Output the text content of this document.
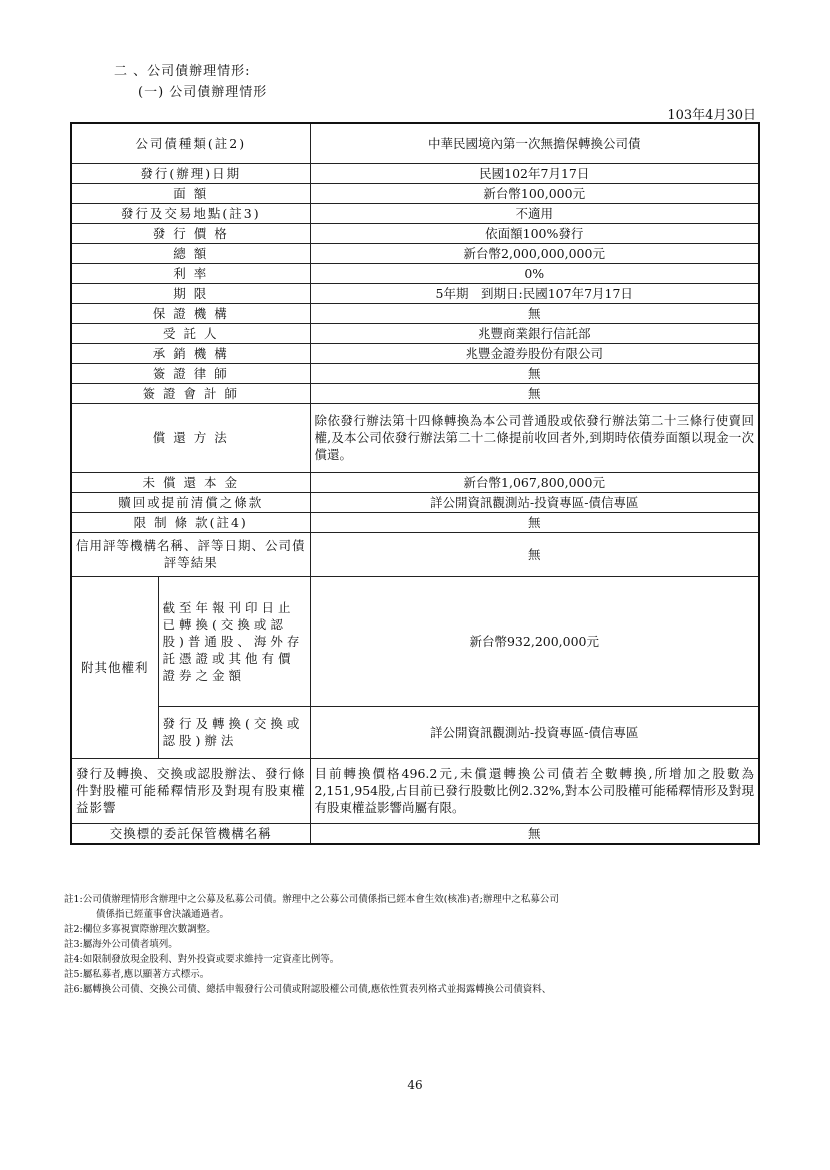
二 、公司債辦理情形:
(一) 公司債辦理情形
103年4月30日
公司債種類(註2)		中華民國境內第一次無擔保轉換公司債
發行(辦理)日期		民國102年7月17日
面 額		新台幣100,000元
發行及交易地點(註3)		不適用
發 行 價 格		依面額100%發行
總 額		新台幣2,000,000,000元
利 率		0%
期 限		5年期　到期日:民國107年7月17日
保 證 機 構		無
受 託 人		兆豐商業銀行信託部
承 銷 機 構		兆豐金證券股份有限公司
簽 證 律 師		無
簽 證 會 計 師		無
償 還 方 法		除依發行辦法第十四條轉換為本公司普通股或依發行辦法第二十三條行使賣回權,及本公司依發行辦法第二十二條提前收回者外,到期時依債券面額以現金一次償還。
未 償 還 本 金		新台幣1,067,800,000元
贖回或提前清償之條款		詳公開資訊觀測站-投資專區-債信專區
限 制 條 款(註4)		無
信用評等機構名稱、評等日期、公司債評等結果		無
附其他權利	截至年報刊印日止已轉換(交換或認股)普通股、海外存託憑證或其他有價證券之金額	新台幣932,200,000元
	發行及轉換(交換或認股)辦法	詳公開資訊觀測站-投資專區-債信專區
發行及轉換、交換或認股辦法、發行條件對股權可能稀釋情形及對現有股東權益影響		目前轉換價格496.2元,未償還轉換公司債若全數轉換,所增加之股數為2,151,954股,占目前已發行股數比例2.32%,對本公司股權可能稀釋情形及對現有股東權益影響尚屬有限。
交換標的委託保管機構名稱		無
註1:公司債辦理情形含辦理中之公募及私募公司債。辦理中之公募公司債係指已經本會生效(核准)者;辦理中之私募公司
債係指已經董事會決議通過者。
註2:欄位多寡視實際辦理次數調整。
註3:屬海外公司債者填列。
註4:如限制發放現金股利、對外投資或要求維持一定資產比例等。
註5:屬私募者,應以顯著方式標示。
註6:屬轉換公司債、交換公司債、總括申報發行公司債或附認股權公司債,應依性質表列格式並揭露轉換公司債資料、
46
